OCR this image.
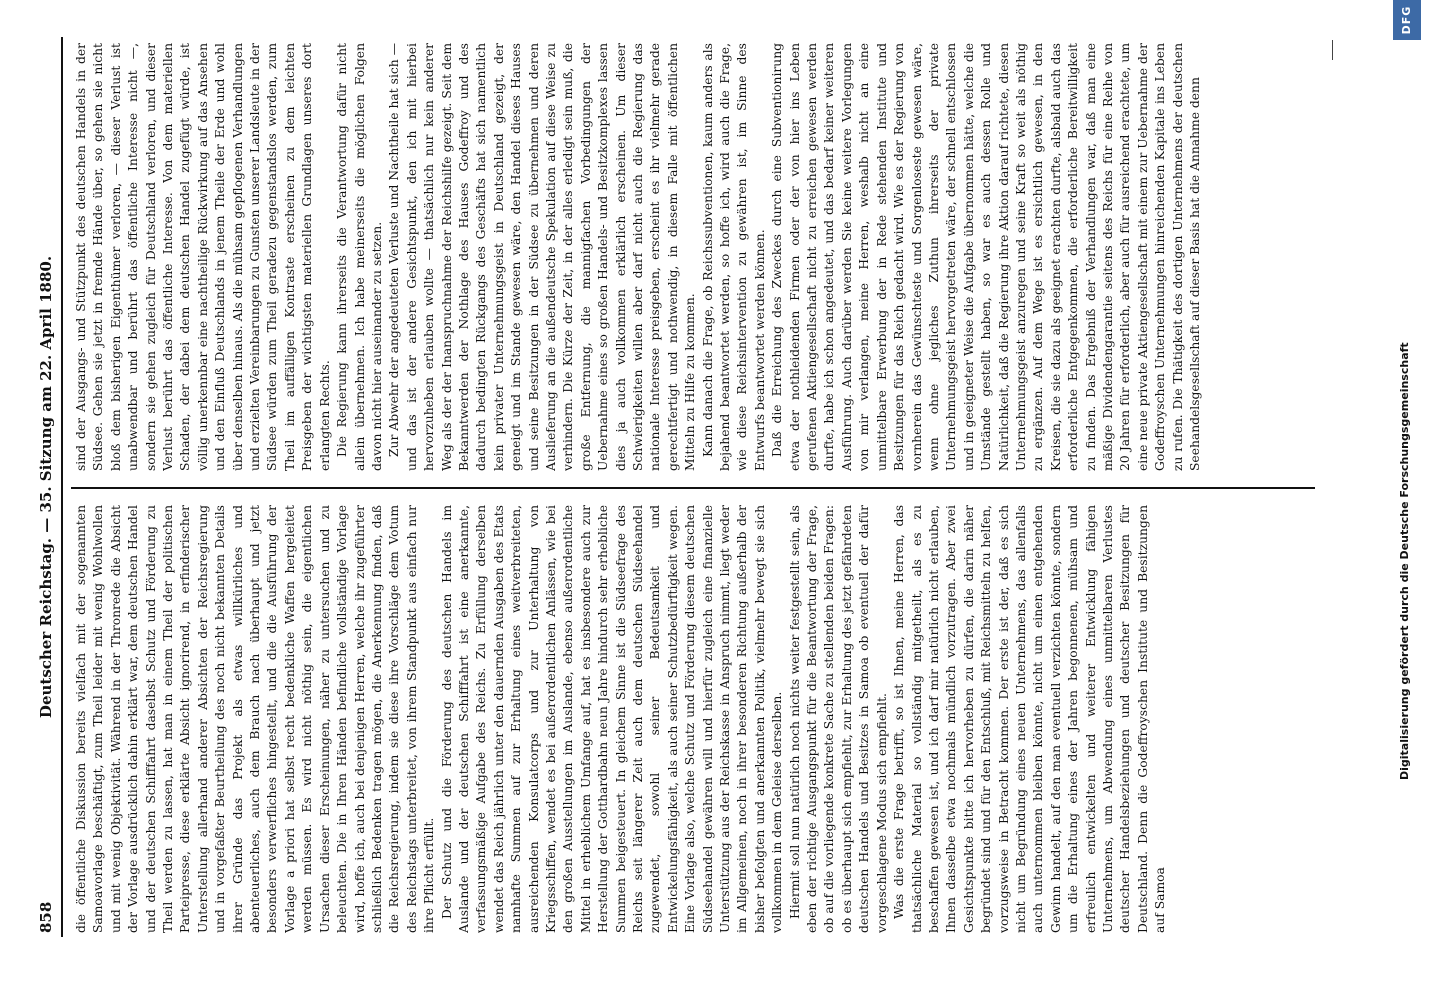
858
Deutscher Reichstag. — 35. Sitzung am 22. April 1880.

die öffentliche Diskussion bereits vielfach mit der sogenannten Samoavorlage beschäftigt, zum Theil leider mit wenig Wohlwollen und mit wenig Objektivität. Während in der Thronrede die Absicht der Vorlage ausdrücklich dahin erklärt war, dem deutschen Handel und der deutschen Schifffahrt daselbst Schutz und Förderung zu Theil werden zu lassen, hat man in einem Theil der politischen Parteipresse, diese erklärte Absicht ignorirend, in erfinderischer Unterstellung allerhand anderer Absichten der Reichsregierung und in vorgefaßter Beurtheilung des noch nicht bekannten Details ihrer Gründe das Projekt als etwas willkürliches und abenteuerliches, auch dem Brauch nach überhaupt und jetzt besonders verwerfliches hingestellt, und die die Ausführung der Vorlage a priori hat selbst recht bedenkliche Waffen hergeleitet werden müssen. Es wird nicht nöthig sein, die eigentlichen Ursachen dieser Erscheinungen, näher zu untersuchen und zu beleuchten. Die in Ihren Händen befindliche vollständige Vorlage wird, hoffe ich, auch bei denjenigen Herren, welche ihr zugeführter schließlich Bedenken tragen mögen, die Anerkennung finden, daß die Reichsregierung, indem sie diese ihre Vorschläge dem Votum des Reichstags unterbreitet, von ihrem Standpunkt aus einfach nur ihre Pflicht erfüllt. Der Schutz und die Förderung des deutschen Handels im Auslande und der deutschen Schifffahrt ist eine anerkannte, verfassungsmäßige Aufgabe des Reichs. Zu Erfüllung derselben wendet das Reich jährlich unter den dauernden Ausgaben des Etats namhafte Summen auf zur Erhaltung eines weitverbreiteten, ausreichenden Konsulatcorps und zur Unterhaltung von Kriegsschiffen, wendet es bei außerordentlichen Anlässen, wie bei den großen Ausstellungen im Auslande, ebenso außerordentliche Mittel in erheblichem Umfange auf, hat es insbesondere auch zur Herstellung der Gotthardbahn neun Jahre hindurch sehr erhebliche Summen beigesteuert. In gleichem Sinne ist die Südseefrage des Reichs seit längerer Zeit auch dem deutschen Südseehandel zugewendet, sowohl seiner Bedeutsamkeit und Entwickelungsfähigkeit, als auch seiner Schutzbedürftigkeit wegen. Eine Vorlage also, welche Schutz und Förderung diesem deutschen Südseehandel gewähren will und hierfür zugleich eine finanzielle Unterstützung aus der Reichskasse in Anspruch nimmt, liegt weder im Allgemeinen, noch in ihrer besonderen Richtung außerhalb der bisher befolgten und anerkannten Politik, vielmehr bewegt sie sich vollkommen in dem Geleise derselben. Hiermit soll nun natürlich noch nichts weiter festgestellt sein, als eben der richtige Ausgangspunkt für die Beantwortung der Frage, ob auf die vorliegende konkrete Sache zu stellenden beiden Fragen: ob es überhaupt sich empfiehlt, zur Erhaltung des jetzt gefährdeten deutschen Handels und Besitzes in Samoa ob eventuell der dafür vorgeschlagene Modus sich empfiehlt. Was die erste Frage betrifft, so ist Ihnen, meine Herren, das thatsächliche Material so vollständig mitgetheilt, als es zu beschaffen gewesen ist, und ich darf mir natürlich nicht erlauben, Ihnen dasselbe etwa nochmals mündlich vorzutragen. Aber zwei Gesichtspunkte bitte ich hervorheben zu dürfen, die darin näher begründet sind und für den Entschluß, mit Reichsmitteln zu helfen, vorzugsweise in Betracht kommen. Der erste ist der, daß es sich nicht um Begründung eines neuen Unternehmens, das allenfalls auch unternommen bleiben könnte, nicht um einen entgehenden Gewinn handelt, auf den man eventuell verzichten könnte, sondern um die Erhaltung eines der Jahren begonnenen, mühsam und erfreulich entwickelten und weiterer Entwicklung fähigen Unternehmens, um Abwendung eines unmittelbaren Verlustes deutscher Handelsbeziehungen und deutscher Besitzungen für Deutschland. Denn die Godeffroyschen Institute und Besitzungen auf Samoa

sind der Ausgangs- und Stützpunkt des deutschen Handels in der Südsee. Gehen sie jetzt in fremde Hände über, so gehen sie nicht bloß dem bisherigen Eigenthümer verloren, — dieser Verlust ist unabwendbar und berührt das öffentliche Interesse nicht —, sondern sie gehen zugleich für Deutschland verloren, und dieser Verlust berührt das öffentliche Interesse. Von dem materiellen Schaden, der dabei dem deutschen Handel zugefügt würde, ist völlig unerkennbar eine nachtheilige Rückwirkung auf das Ansehen und den Einfluß Deutschlands in jenem Theile der Erde und wohl über denselben hinaus. Als die mühsam gepflogenen Verhandlungen und erzielten Vereinbarungen zu Gunsten unserer Landsleute in der Südsee würden zum Theil geradezu gegenstandslos werden, zum Theil im auffälligen Kontraste erscheinen zu dem leichten Preisgeben der wichtigsten materiellen Grundlagen unseres dort erlangten Rechts. Die Regierung kann ihrerseits die Verantwortung dafür nicht allein übernehmen. Ich habe meinerseits die möglichen Folgen davon nicht hier auseinander zu setzen. Zur Abwehr der angedeuteten Verluste und Nachtheile hat sich — und das ist der andere Gesichtspunkt, den ich mit hierbei hervorzuheben erlauben wollte — thatsächlich nur kein anderer Weg als der der Inanspruchnahme der Reichshilfe gezeigt. Seit dem Bekanntwerden der Nothlage des Hauses Godeffroy und des dadurch bedingten Rückgangs des Geschäfts hat sich namentlich kein privater Unternehmungsgeist in Deutschland gezeigt, der geneigt und im Stande gewesen wäre, den Handel dieses Hauses und seine Besitzungen in der Südsee zu übernehmen und deren Auslieferung an die außendeutsche Spekulation auf diese Weise zu verhindern. Die Kürze der Zeit, in der alles erledigt sein muß, die große Entfernung, die mannigfachen Vorbedingungen der Uebernahme eines so großen Handels- und Besitzkomplexes lassen dies ja auch vollkommen erklärlich erscheinen. Um dieser Schwierigkeiten willen aber darf nicht auch die Regierung das nationale Interesse preisgeben, erscheint es ihr vielmehr gerade gerechtfertigt und nothwendig, in diesem Falle mit öffentlichen Mitteln zu Hilfe zu kommen. Kann danach die Frage, ob Reichssubventionen, kaum anders als bejahend beantwortet werden, so hoffe ich, wird auch die Frage, wie diese Reichsintervention zu gewähren ist, im Sinne des Entwurfs beantwortet werden können. Daß die Erreichung des Zweckes durch eine Subventionirung etwa der nothleidenden Firmen oder der von hier ins Leben gerufenen Aktiengesellschaft nicht zu erreichen gewesen werden durfte, habe ich schon angedeutet, und das bedarf keiner weiteren Ausführung. Auch darüber werden Sie keine weitere Vorlegungen von mir verlangen, meine Herren, weshalb nicht an eine unmittelbare Erwerbung der in Rede stehenden Institute und Besitzungen für das Reich gedacht wird. Wie es der Regierung von vornherein das Gewünschteste und Sorgenloseste gewesen wäre, wenn ohne jegliches Zuthun ihrerseits der private Unternehmungsgeist hervorgetreten wäre, der schnell entschlossen und in geeigneter Weise die Aufgabe übernommen hätte, welche die Umstände gestellt haben, so war es auch dessen Rolle und Natürlichkeit, daß die Regierung ihre Aktion darauf richtete, diesen Unternehmungsgeist anzuregen und seine Kraft so weit als nöthig zu ergänzen. Auf dem Wege ist es ersichtlich gewesen, in den Kreisen, die sie dazu als geeignet erachten durfte, alsbald auch das erforderliche Entgegenkommen, die erforderliche Bereitwilligkeit zu finden. Das Ergebniß der Verhandlungen war, daß man eine mäßige Dividendengarantie seitens des Reichs für eine Reihe von 20 Jahren für erforderlich, aber auch für ausreichend erachtete, um eine neue private Aktiengesellschaft mit einem zur Uebernahme der Godeffroyschen Unternehmungen hinreichenden Kapitale ins Leben zu rufen. Die Thätigkeit des dortigen Unternehmens der deutschen Seehandelsgesellschaft auf dieser Basis hat die Annahme denn

DFG
Digitalisierung gefördert durch die Deutsche Forschungsgemeinschaft
